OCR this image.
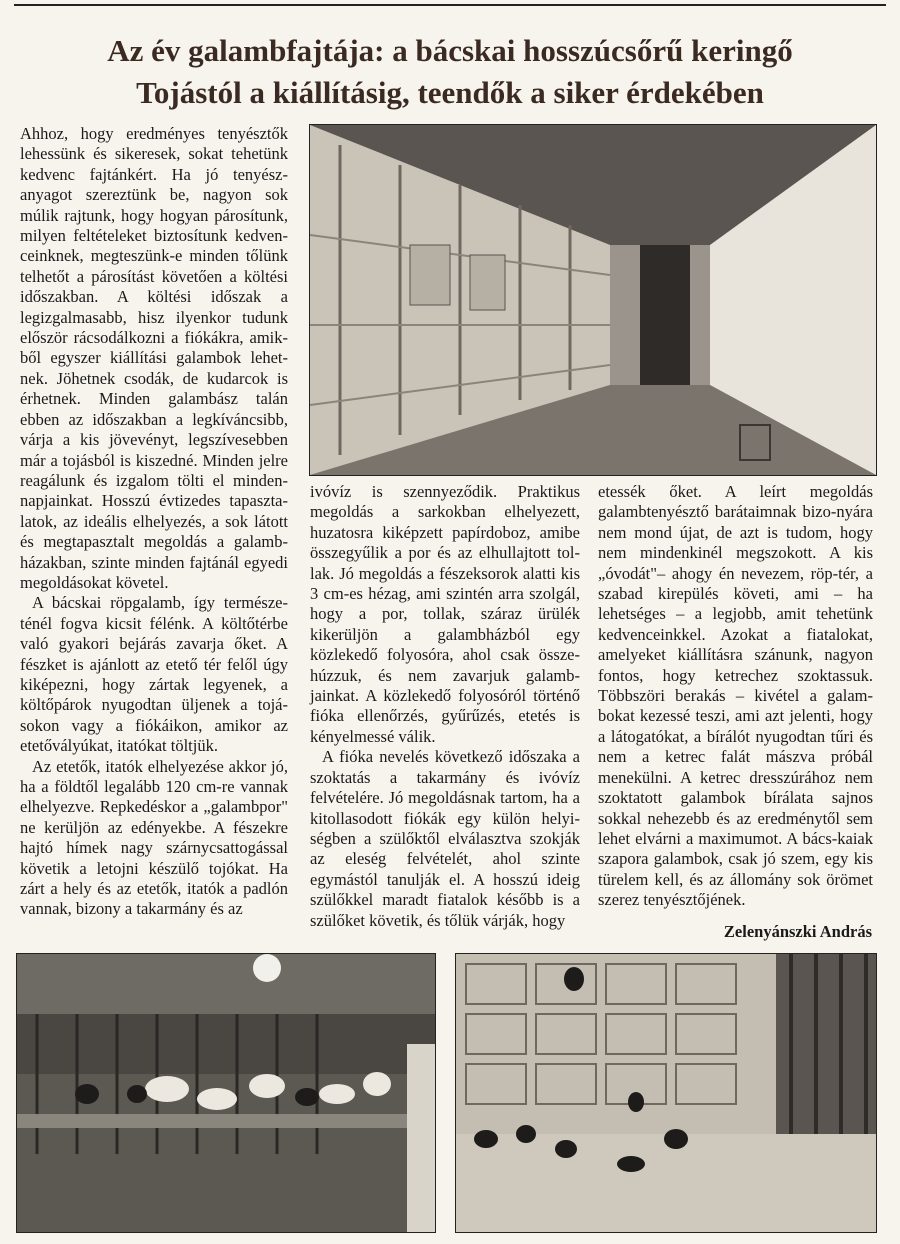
Az év galambfajtája: a bácskai hosszúcsőrű keringő
Tojástól a kiállításig, teendők a siker érdekében

Ahhoz, hogy eredményes tenyésztők lehessünk és sikeresek, sokat tehetünk kedvenc fajtánkért. Ha jó tenyész-anyagot szereztünk be, nagyon sok múlik rajtunk, hogy hogyan párosítunk, milyen feltételeket biztosítunk kedven-ceinknek, megteszünk-e minden tőlünk telhetőt a párosítást követően a költési időszakban. A költési időszak a legizgalmasabb, hisz ilyenkor tudunk először rácsodálkozni a fiókákra, amik-ből egyszer kiállítási galambok lehet-nek. Jöhetnek csodák, de kudarcok is érhetnek. Minden galambász talán ebben az időszakban a legkíváncsibb, várja a kis jövevényt, legszívesebben már a tojásból is kiszedné. Minden jelre reagálunk és izgalom tölti el minden-napjainkat. Hosszú évtizedes tapaszta-latok, az ideális elhelyezés, a sok látott és megtapasztalt megoldás a galamb-házakban, szinte minden fajtánál egyedi megoldásokat követel.

A bácskai röpgalamb, így természe-ténél fogva kicsit félénk. A költőtérbe való gyakori bejárás zavarja őket. A fészket is ajánlott az etető tér felől úgy kiképezni, hogy zártak legyenek, a költőpárok nyugodtan üljenek a tojá-sokon vagy a fiókáikon, amikor az etetővályúkat, itatókat töltjük.

Az etetők, itatók elhelyezése akkor jó, ha a földtől legalább 120 cm-re vannak elhelyezve. Repkedéskor a „galambpor" ne kerüljön az edényekbe. A fészekre hajtó hímek nagy szárnycsattogással követik a letojni készülő tojókat. Ha zárt a hely és az etetők, itatók a padlón vannak, bizony a takarmány és az

ivóvíz is szennyeződik. Praktikus megoldás a sarkokban elhelyezett, huzatosra kiképzett papírdoboz, amibe összegyűlik a por és az elhullajtott tol-lak. Jó megoldás a fészeksorok alatti kis 3 cm-es hézag, ami szintén arra szolgál, hogy a por, tollak, száraz ürülék kikerüljön a galambházból egy közlekedő folyosóra, ahol csak össze-húzzuk, és nem zavarjuk galamb-jainkat. A közlekedő folyosóról történő fióka ellenőrzés, gyűrűzés, etetés is kényelmessé válik.

A fióka nevelés következő időszaka a szoktatás a takarmány és ivóvíz felvételére. Jó megoldásnak tartom, ha a kitollasodott fiókák egy külön helyi-ségben a szülőktől elválasztva szokják az eleség felvételét, ahol szinte egymástól tanulják el. A hosszú ideig szülőkkel maradt fiatalok később is a szülőket követik, és tőlük várják, hogy

etessék őket. A leírt megoldás galambtenyésztő barátaimnak bizo-nyára nem mond újat, de azt is tudom, hogy nem mindenkinél megszokott. A kis „óvodát"– ahogy én nevezem, röp-tér, a szabad kirepülés követi, ami – ha lehetséges – a legjobb, amit tehetünk kedvenceinkkel. Azokat a fiatalokat, amelyeket kiállításra szánunk, nagyon fontos, hogy ketrechez szoktassuk. Többszöri berakás – kivétel a galam-bokat kezessé teszi, ami azt jelenti, hogy a látogatókat, a bírálót nyugodtan tűri és nem a ketrec falát mászva próbál menekülni. A ketrec dresszúrához nem szoktatott galambok bírálata sajnos sokkal nehezebb és az eredménytől sem lehet elvárni a maximumot. A bács-kaiak szapora galambok, csak jó szem, egy kis türelem kell, és az állomány sok örömet szerez tenyésztőjének.

Zelenyánszki András
